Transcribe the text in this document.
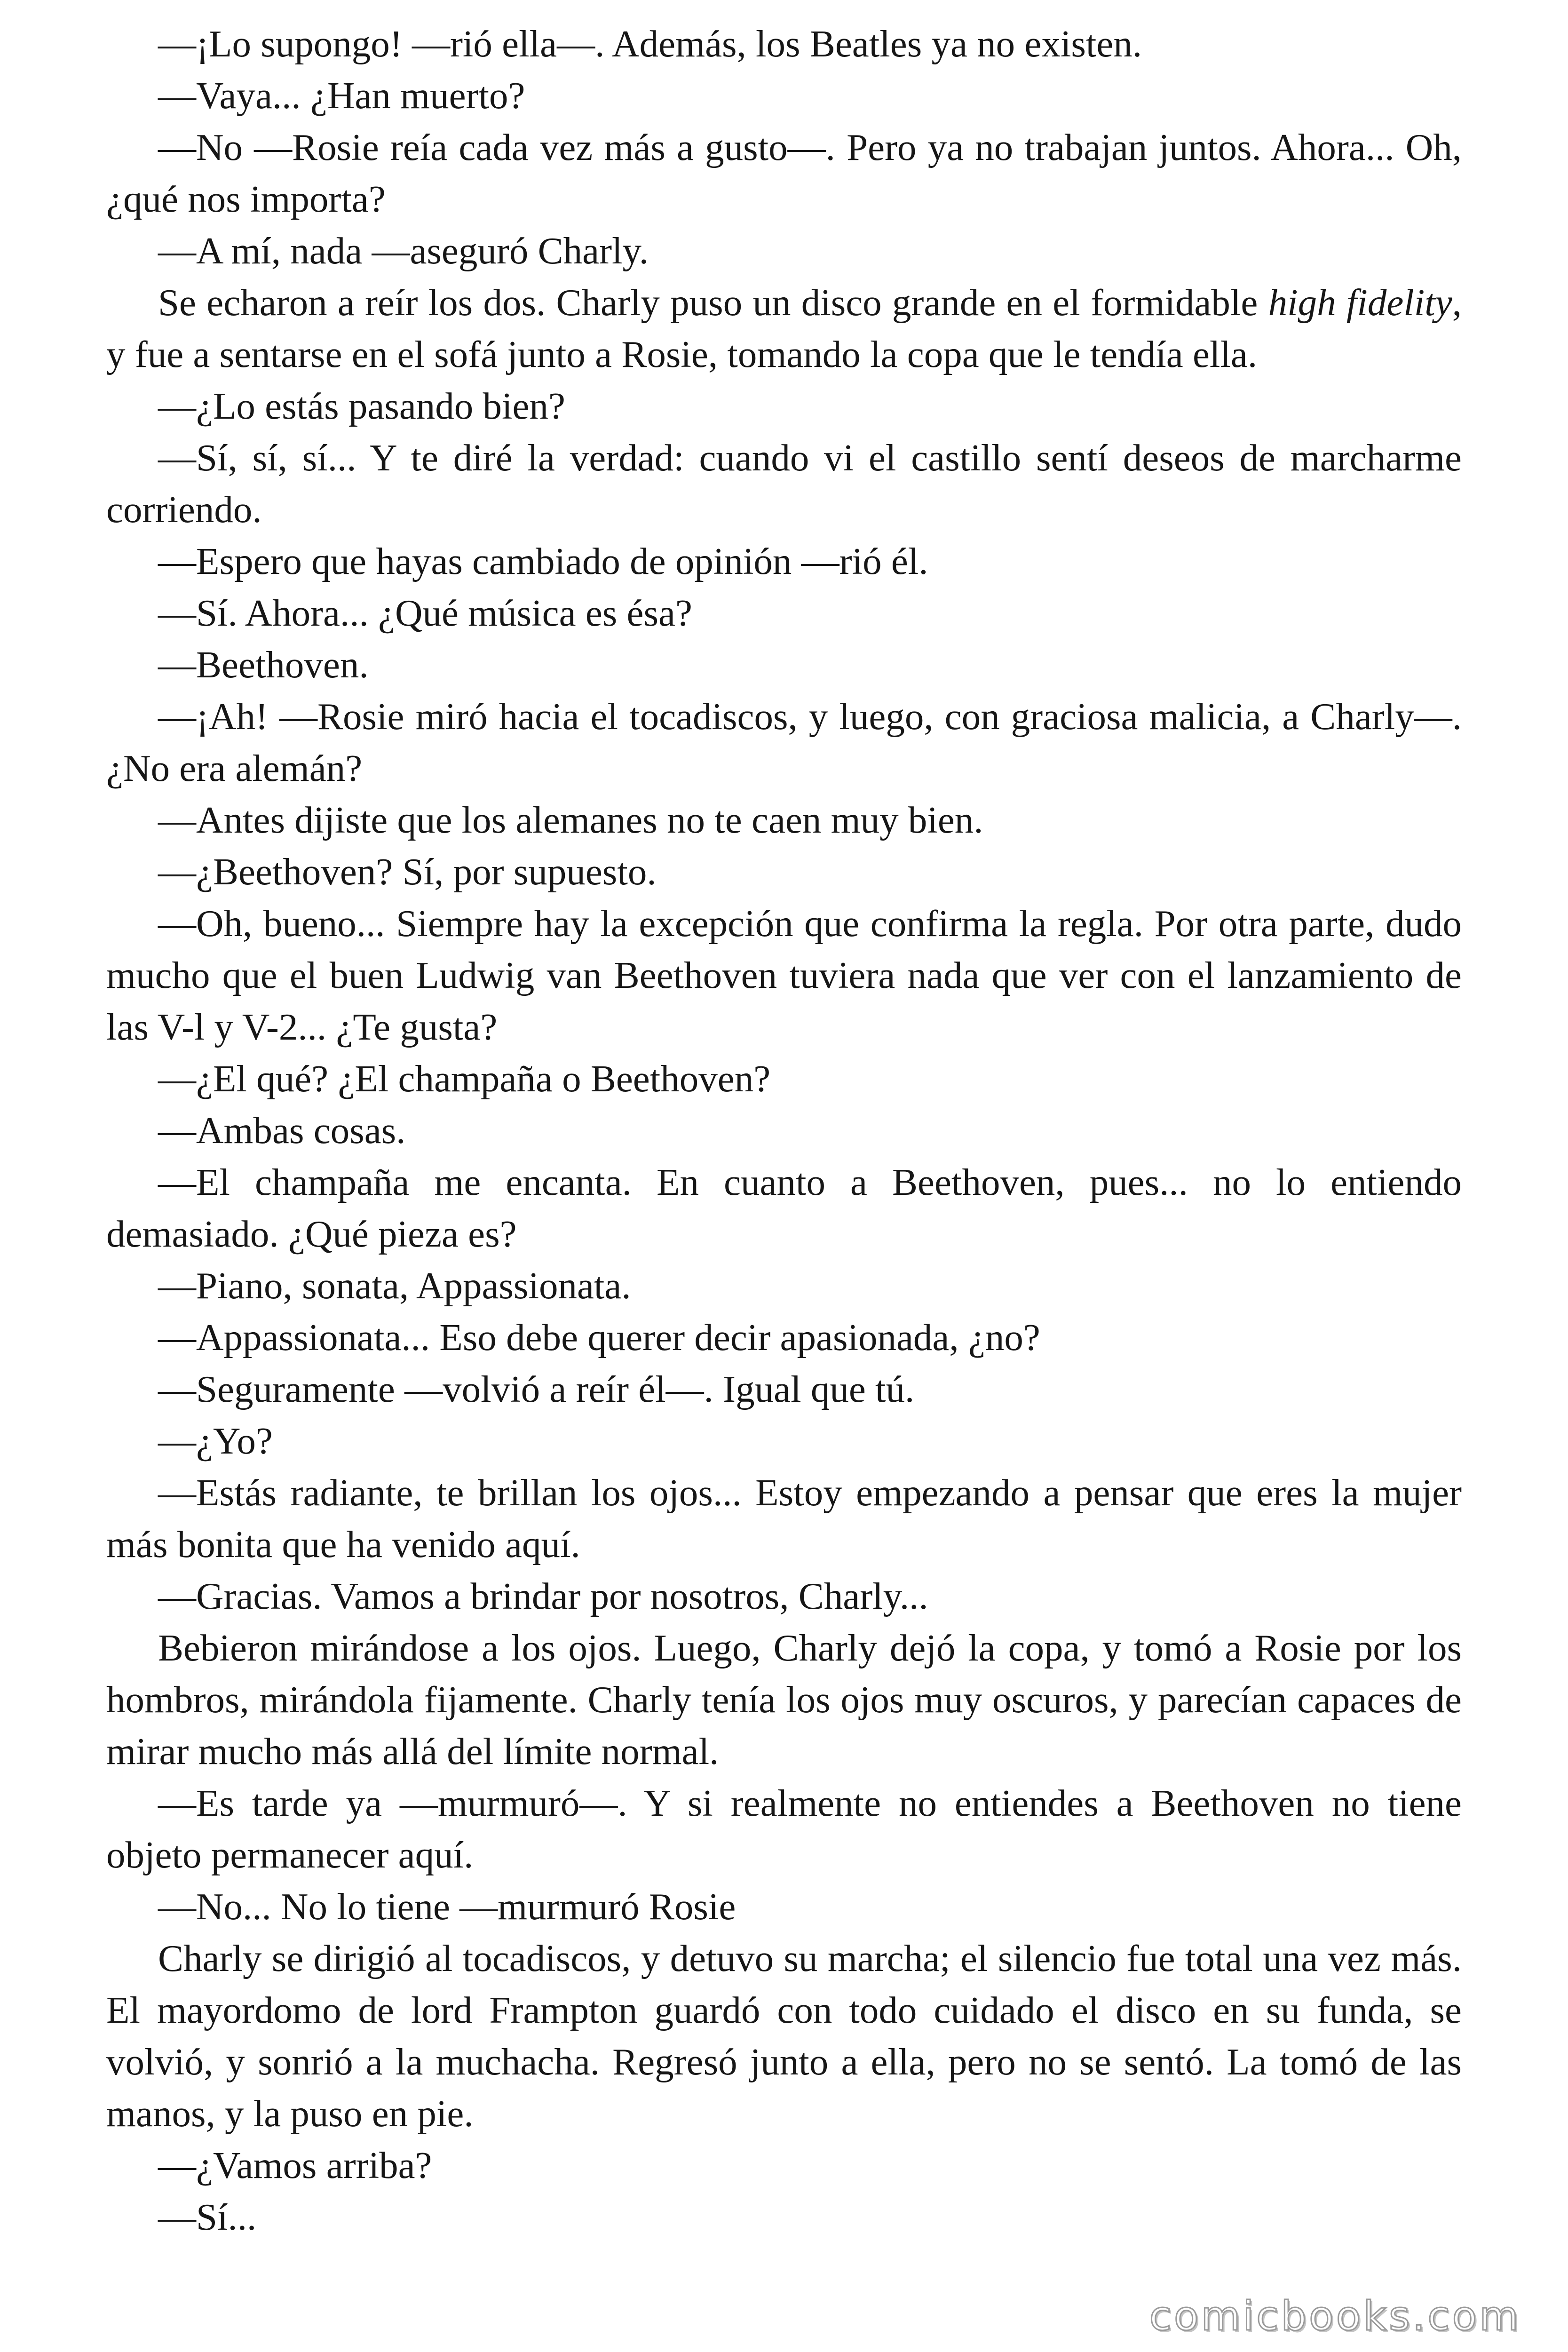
—¡Lo supongo! —rió ella—. Además, los Beatles ya no existen.

—Vaya... ¿Han muerto?

—No —Rosie reía cada vez más a gusto—. Pero ya no trabajan juntos. Ahora... Oh, ¿qué nos importa?

—A mí, nada —aseguró Charly.

Se echaron a reír los dos. Charly puso un disco grande en el formidable high fidelity, y fue a sentarse en el sofá junto a Rosie, tomando la copa que le tendía ella.

—¿Lo estás pasando bien?

—Sí, sí, sí... Y te diré la verdad: cuando vi el castillo sentí deseos de marcharme corriendo.

—Espero que hayas cambiado de opinión —rió él.

—Sí. Ahora... ¿Qué música es ésa?

—Beethoven.

—¡Ah! —Rosie miró hacia el tocadiscos, y luego, con graciosa malicia, a Charly—. ¿No era alemán?

—Antes dijiste que los alemanes no te caen muy bien.

—¿Beethoven? Sí, por supuesto.

—Oh, bueno... Siempre hay la excepción que confirma la regla. Por otra parte, dudo mucho que el buen Ludwig van Beethoven tuviera nada que ver con el lanzamiento de las V-l y V-2... ¿Te gusta?

—¿El qué? ¿El champaña o Beethoven?

—Ambas cosas.

—El champaña me encanta. En cuanto a Beethoven, pues... no lo entiendo demasiado. ¿Qué pieza es?

—Piano, sonata, Appassionata.

—Appassionata... Eso debe querer decir apasionada, ¿no?

—Seguramente —volvió a reír él—. Igual que tú.

—¿Yo?

—Estás radiante, te brillan los ojos... Estoy empezando a pensar que eres la mujer más bonita que ha venido aquí.

—Gracias. Vamos a brindar por nosotros, Charly...

Bebieron mirándose a los ojos. Luego, Charly dejó la copa, y tomó a Rosie por los hombros, mirándola fijamente. Charly tenía los ojos muy oscuros, y parecían capaces de mirar mucho más allá del límite normal.

—Es tarde ya —murmuró—. Y si realmente no entiendes a Beethoven no tiene objeto permanecer aquí.

—No... No lo tiene —murmuró Rosie

Charly se dirigió al tocadiscos, y detuvo su marcha; el silencio fue total una vez más. El mayordomo de lord Frampton guardó con todo cuidado el disco en su funda, se volvió, y sonrió a la muchacha. Regresó junto a ella, pero no se sentó. La tomó de las manos, y la puso en pie.

—¿Vamos arriba?

—Sí...

comicbooks.com
